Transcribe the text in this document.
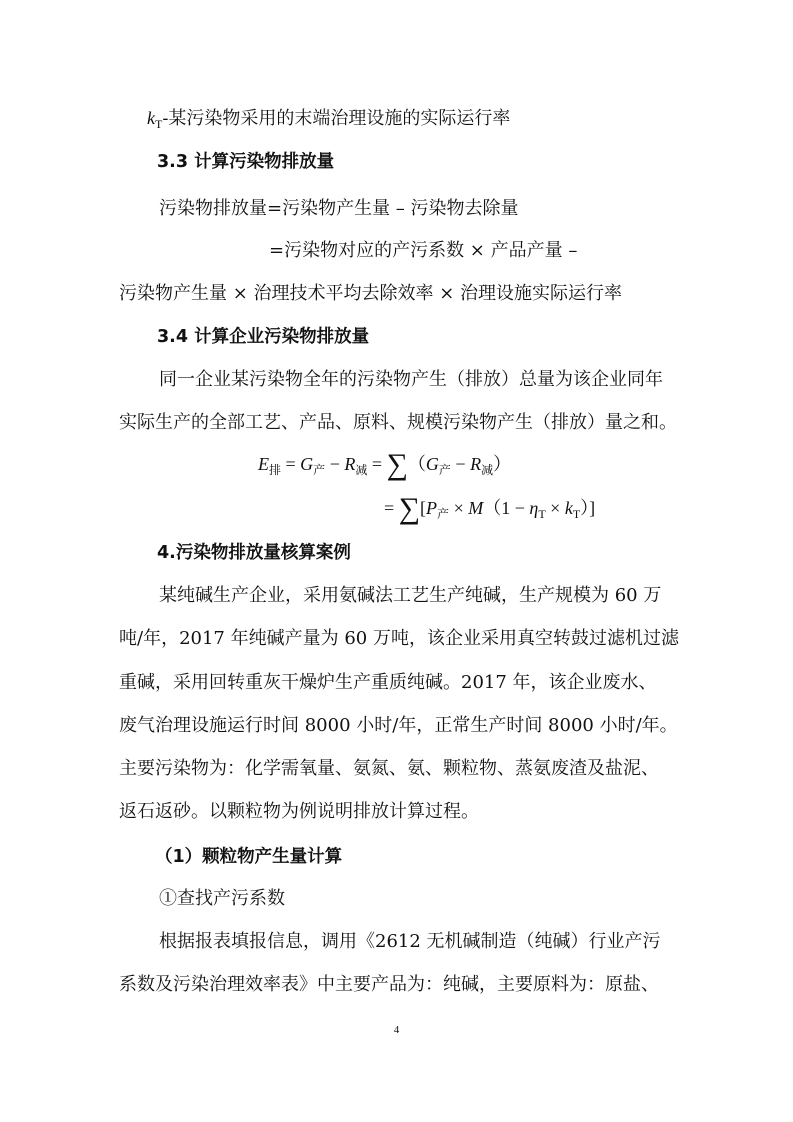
$k_T-$某污染物采用的末端治理设施的实际运行率
3.3 计算污染物排放量
污染物排放量=污染物产生量 – 污染物去除量
=污染物对应的产污系数 × 产品产量 –
污染物产生量 × 治理技术平均去除效率 × 治理设施实际运行率
3.4 计算企业污染物排放量
同一企业某污染物全年的污染物产生（排放）总量为该企业同年
实际生产的全部工艺、产品、原料、规模污染物产生（排放）量之和。
$E_排 = G_产 - R_减 = \sum(G_产 - R_减)$
= $\sum[P_产 \times M(1 - \eta_T \times k_T)]$
4.污染物排放量核算案例
某纯碱生产企业，采用氨碱法工艺生产纯碱，生产规模为 60 万
吨/年，2017 年纯碱产量为 60 万吨，该企业采用真空转鼓过滤机过滤
重碱，采用回转重灰干燥炉生产重质纯碱。2017 年，该企业废水、
废气治理设施运行时间 8000 小时/年，正常生产时间 8000 小时/年。
主要污染物为：化学需氧量、氨氮、氨、颗粒物、蒸氨废渣及盐泥、
返石返砂。以颗粒物为例说明排放计算过程。
（1）颗粒物产生量计算
①查找产污系数
根据报表填报信息，调用《2612 无机碱制造（纯碱）行业产污
系数及污染治理效率表》中主要产品为：纯碱，主要原料为：原盐、
4
